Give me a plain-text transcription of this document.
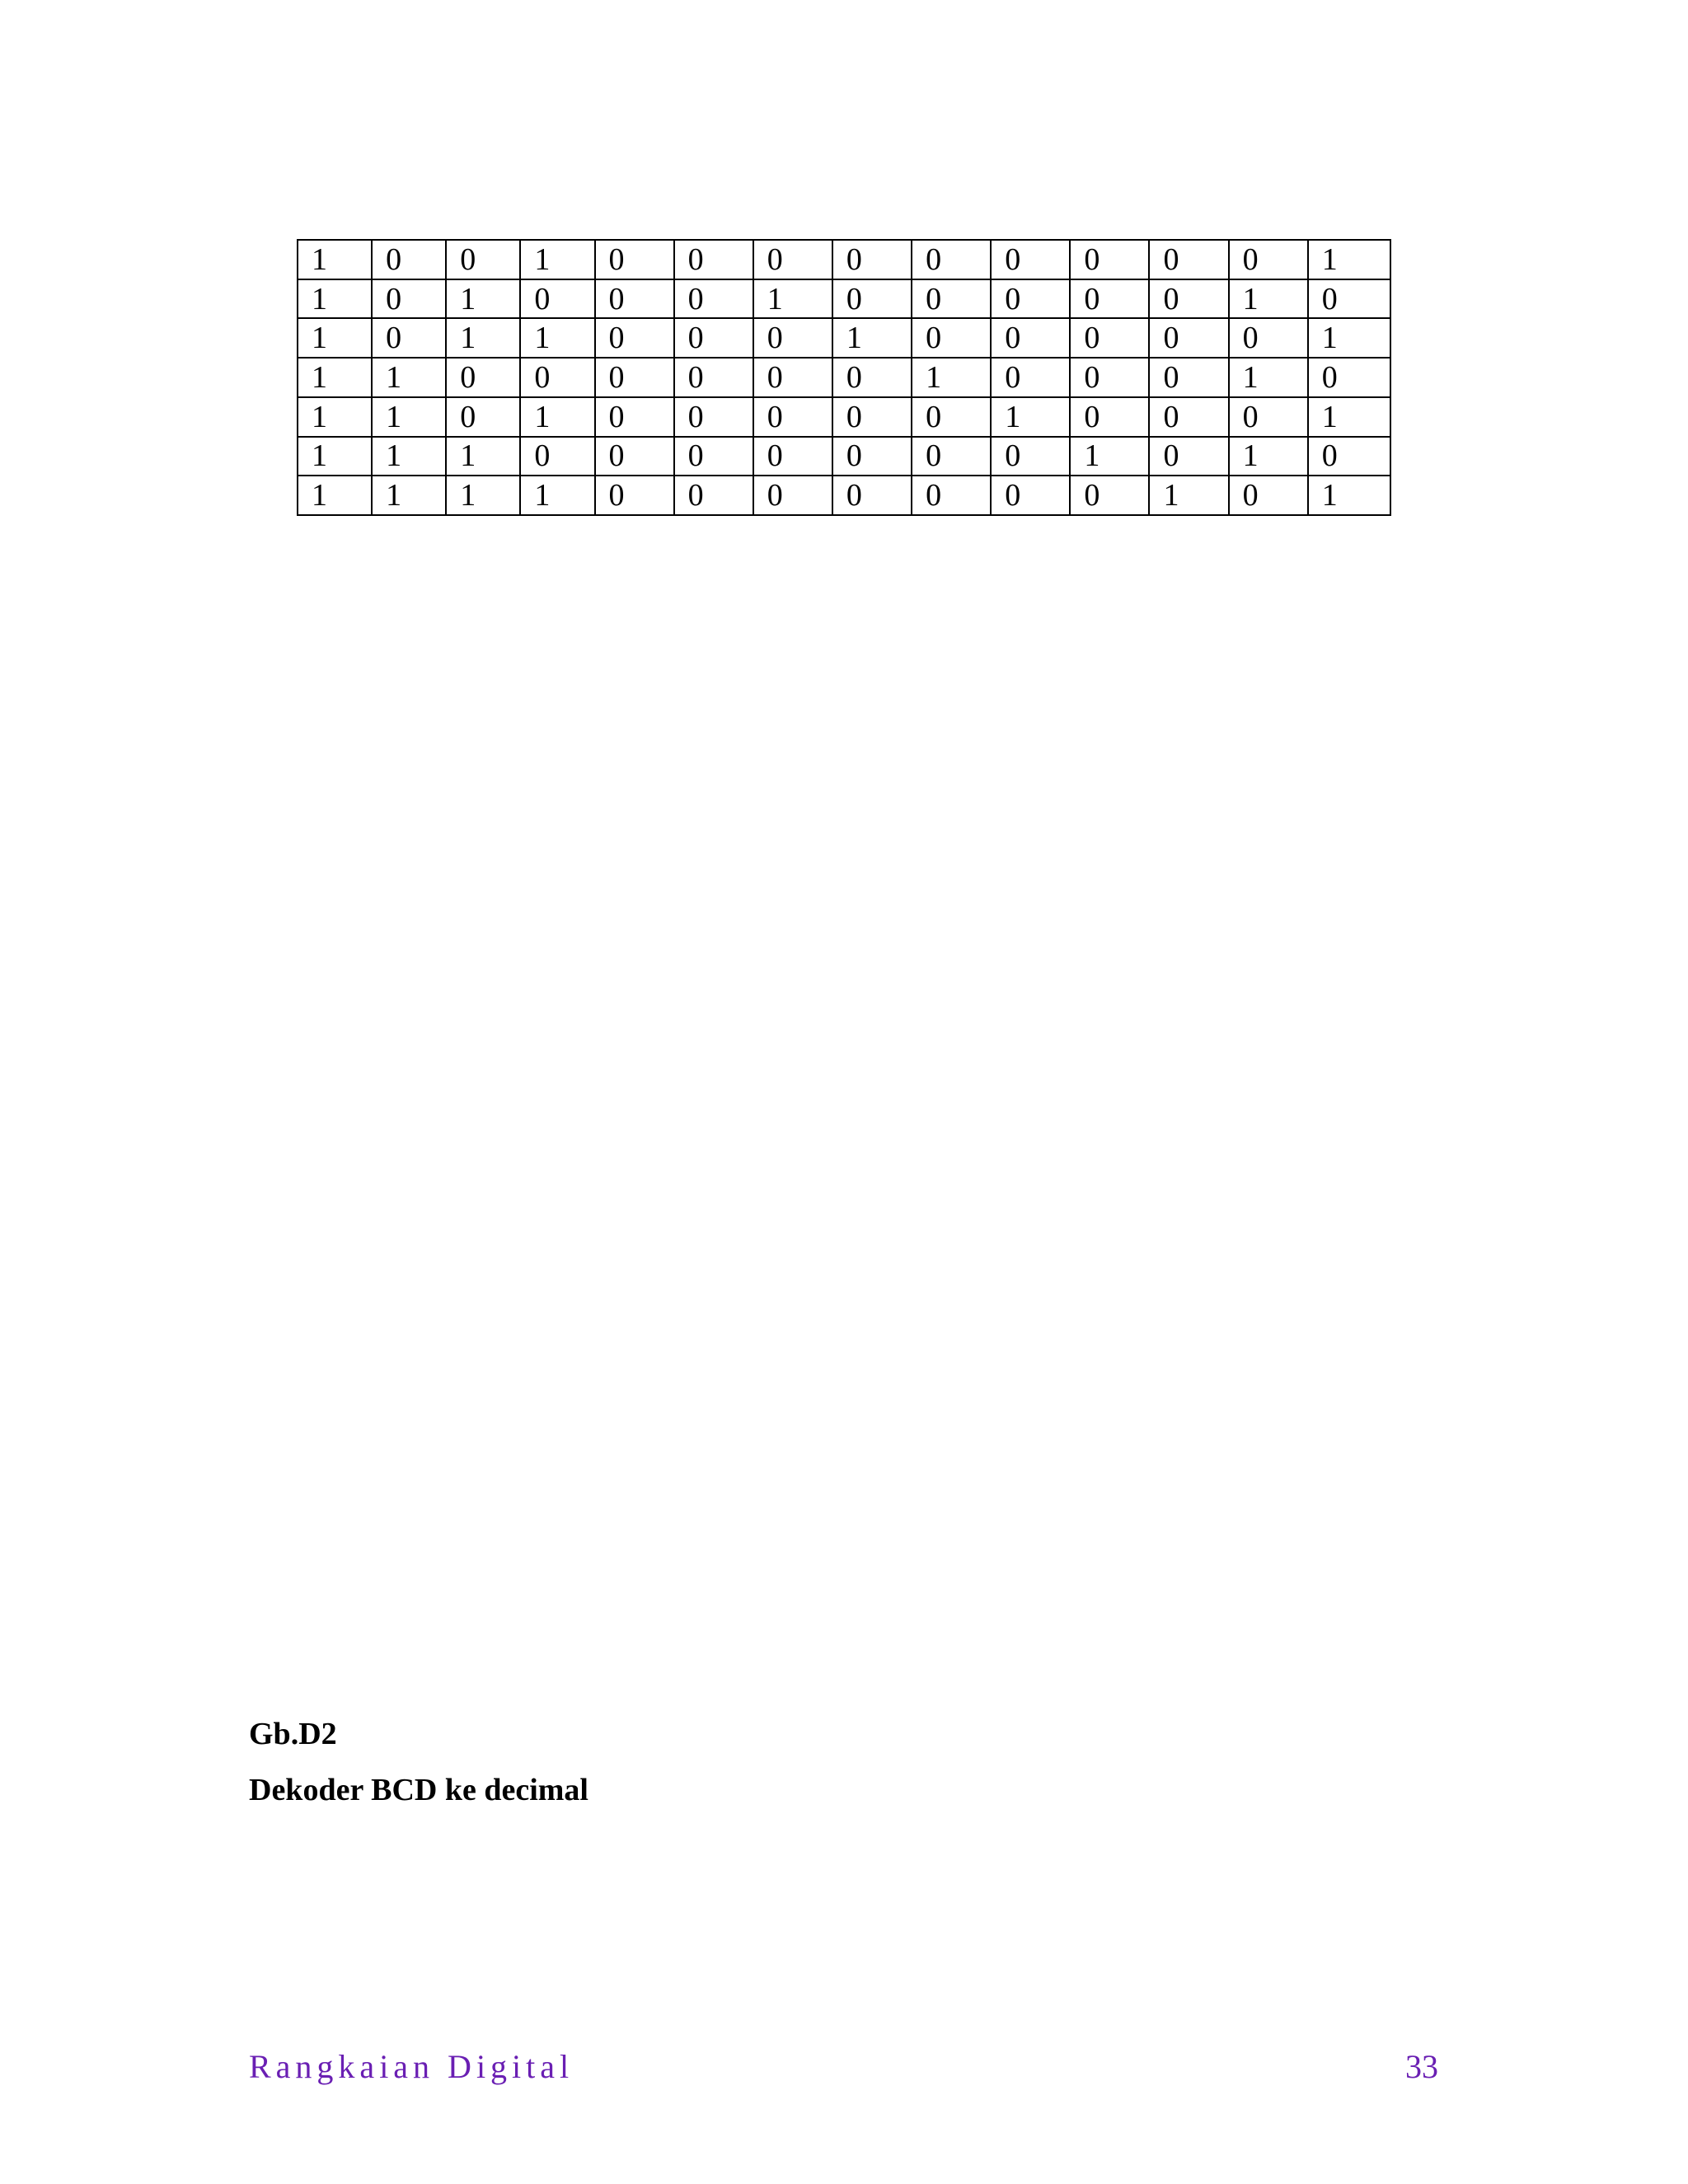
1	0	0	1	0	0	0	0	0	0	0	0	0	1
1	0	1	0	0	0	1	0	0	0	0	0	1	0
1	0	1	1	0	0	0	1	0	0	0	0	0	1
1	1	0	0	0	0	0	0	1	0	0	0	1	0
1	1	0	1	0	0	0	0	0	1	0	0	0	1
1	1	1	0	0	0	0	0	0	0	1	0	1	0
1	1	1	1	0	0	0	0	0	0	0	1	0	1
Gb.D2
Dekoder BCD ke decimal
Rangkaian Digital	33
